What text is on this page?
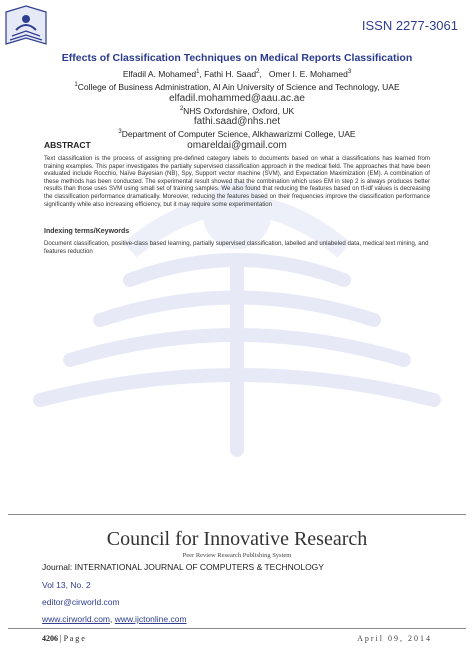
ISSN 2277-3061
Effects of Classification Techniques on Medical Reports Classification
Elfadil A. Mohamed$^1$, Fathi H. Saad$^2$,   Omer I. E. Mohamed$^3$
$^1$College of Business Administration, Al Ain University of Science and Technology, UAE
elfadil.mohammed@aau.ac.ae
$^2$NHS Oxfordshire, Oxford, UK
fathi.saad@nhs.net
$^3$Department of Computer Science, Alkhawarizmi College, UAE
omareldai@gmail.com
ABSTRACT
Text classification is the process of assigning pre-defined category labels to documents based on what a classifications has learned from training examples. This paper investigates the partially supervised classification approach in the medical field. The approaches that have been evaluated include Rocchio, Naïve Bayesian (NB), Spy, Support vector machine (SVM), and Expectation Maximization (EM). A combination of these methods has been conducted. The experimental result showed that the combination which uses EM in step 2 is always produces better results than those uses SVM using small set of training samples. We also found that reducing the features based on tf-idf values is decreasing the classification performance dramatically. Moreover, reducing the features based on their frequencies improve the classification performance significantly while also increasing efficiency, but it may require some experimentation
Indexing terms/Keywords
Document classification, positive-class based learning, partially supervised classification, labelled and unlabeled data, medical text mining, and features reduction
Council for Innovative Research
Peer Review Research Publishing System
Journal: INTERNATIONAL JOURNAL OF COMPUTERS & TECHNOLOGY
Vol 13, No. 2
editor@cirworld.com
www.cirworld.com, www.ijctonline.com
4206 | P a g e	April 09, 2014
